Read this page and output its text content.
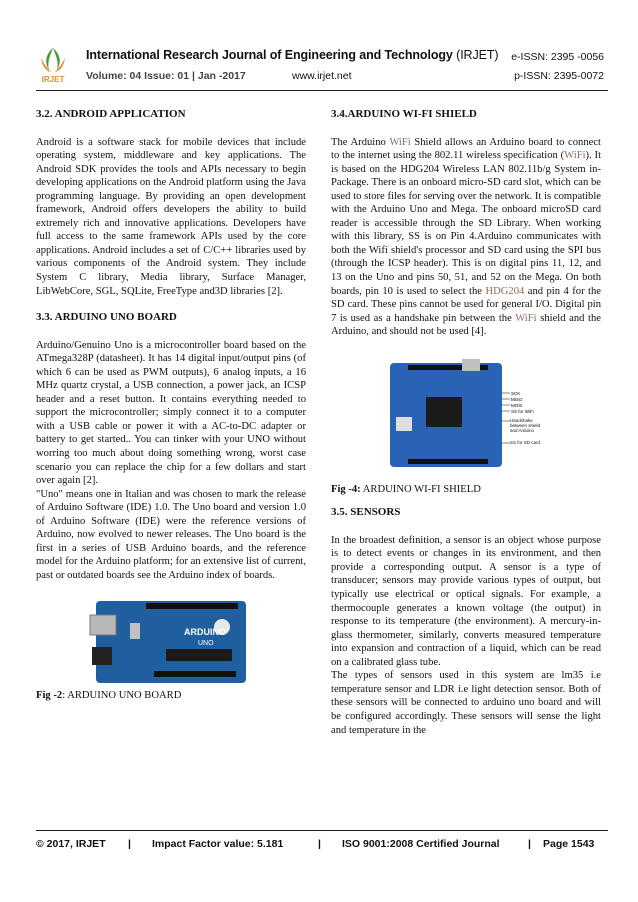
IRJET
International Research Journal of Engineering and Technology (IRJET) e-ISSN: 2395 -0056
Volume: 04 Issue: 01 | Jan -2017	www.irjet.net	p-ISSN: 2395-0072
3.2. ANDROID APPLICATION

Android is a software stack for mobile devices that include operating system, middleware and key applications. The Android SDK provides the tools and APIs necessary to begin developing applications on the Android platform using the Java programming language. By providing an open development framework, Android offers developers the ability to build extremely rich and innovative applications. Developers have full access to the same framework APIs used by the core applications. Android includes a set of C/C++ libraries used by various components of the Android system. They include System C library, Media library, Surface Manager, LibWebCore, SGL, SQLite, FreeType and3D libraries [2].

3.3. ARDUINO UNO BOARD

Arduino/Genuino Uno is a microcontroller board based on the ATmega328P (datasheet). It has 14 digital input/output pins (of which 6 can be used as PWM outputs), 6 analog inputs, a 16 MHz quartz crystal, a USB connection, a power jack, an ICSP header and a reset button. It contains everything needed to support the microcontroller; simply connect it to a computer with a USB cable or power it with a AC-to-DC adapter or battery to get started.. You can tinker with your UNO without worring too much about doing something wrong, worst case scenario you can replace the chip for a few dollars and start over again [2].

"Uno" means one in Italian and was chosen to mark the release of Arduino Software (IDE) 1.0. The Uno board and version 1.0 of Arduino Software (IDE) were the reference versions of Arduino, now evolved to newer releases. The Uno board is the first in a series of USB Arduino boards, and the reference model for the Arduino platform; for an extensive list of current, past or outdated boards see the Arduino index of boards.

ARDUINO
UNO
Fig -2: ARDUINO UNO BOARD
3.4.ARDUINO WI-FI SHIELD

The Arduino WiFi Shield allows an Arduino board to connect to the internet using the 802.11 wireless specification (WiFi). It is based on the HDG204 Wireless LAN 802.11b/g System in-Package. There is an onboard micro-SD card slot, which can be used to store files for serving over the network. It is compatible with the Arduino Uno and Mega. The onboard microSD card reader is accessible through the SD Library. When working with this library, SS is on Pin 4.Arduino communicates with both the Wifi shield's processor and SD card using the SPI bus (through the ICSP header). This is on digital pins 11, 12, and 13 on the Uno and pins 50, 51, and 52 on the Mega. On both boards, pin 10 is used to select the HDG204 and pin 4 for the SD card. These pins cannot be used for general I/O. Digital pin 7 is used as a handshake pin between the WiFi shield and the Arduino, and should not be used [4].

SCK
MISO
MOSI
SS for WiFi
Handshake between shield and Arduino
SS for SD card
Fig -4: ARDUINO WI-FI SHIELD
3.5. SENSORS

In the broadest definition, a sensor is an object whose purpose is to detect events or changes in its environment, and then provide a corresponding output. A sensor is a type of transducer; sensors may provide various types of output, but typically use electrical or optical signals. For example, a thermocouple generates a known voltage (the output) in response to its temperature (the environment). A mercury-in-glass thermometer, similarly, converts measured temperature into expansion and contraction of a liquid, which can be read on a calibrated glass tube.

The types of sensors used in this system are lm35 i.e temperature sensor and LDR i.e light detection sensor. Both of these sensors will be connected to arduino uno board and will be configured accordingly. These sensors will sense the light and temperature in the

© 2017, IRJET | Impact Factor value: 5.181	| ISO 9001:2008 Certified Journal	| Page 1543
